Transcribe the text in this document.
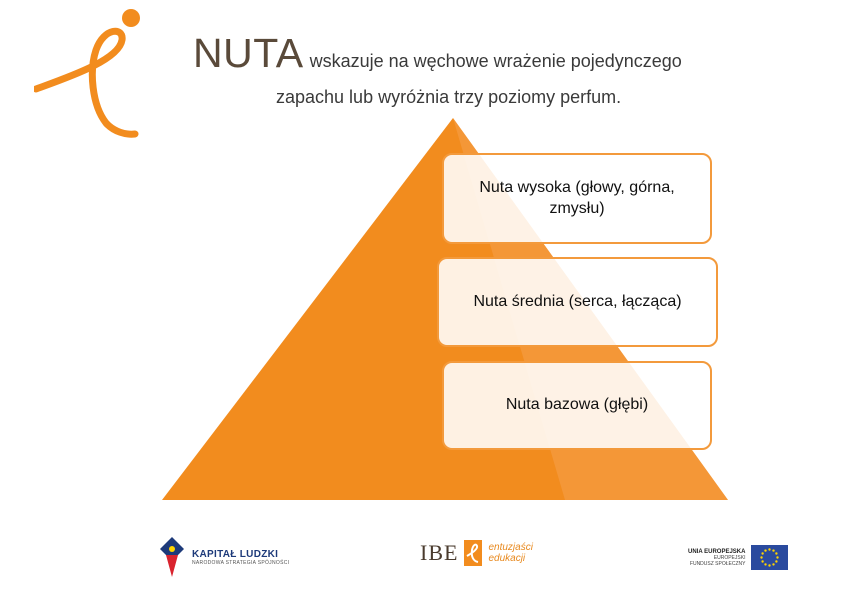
NUTA wskazuje na węchowe wrażenie pojedynczego
zapachu lub wyróżnia trzy poziomy perfum.
Nuta wysoka (głowy, górna, zmysłu)
Nuta średnia (serca, łącząca)
Nuta bazowa (głębi)
KAPITAŁ LUDZKI
NARODOWA STRATEGIA SPÓJNOŚCI	IBE	entuzjaści
edukacji
UNIA EUROPEJSKA
EUROPEJSKI
FUNDUSZ SPOŁECZNY
